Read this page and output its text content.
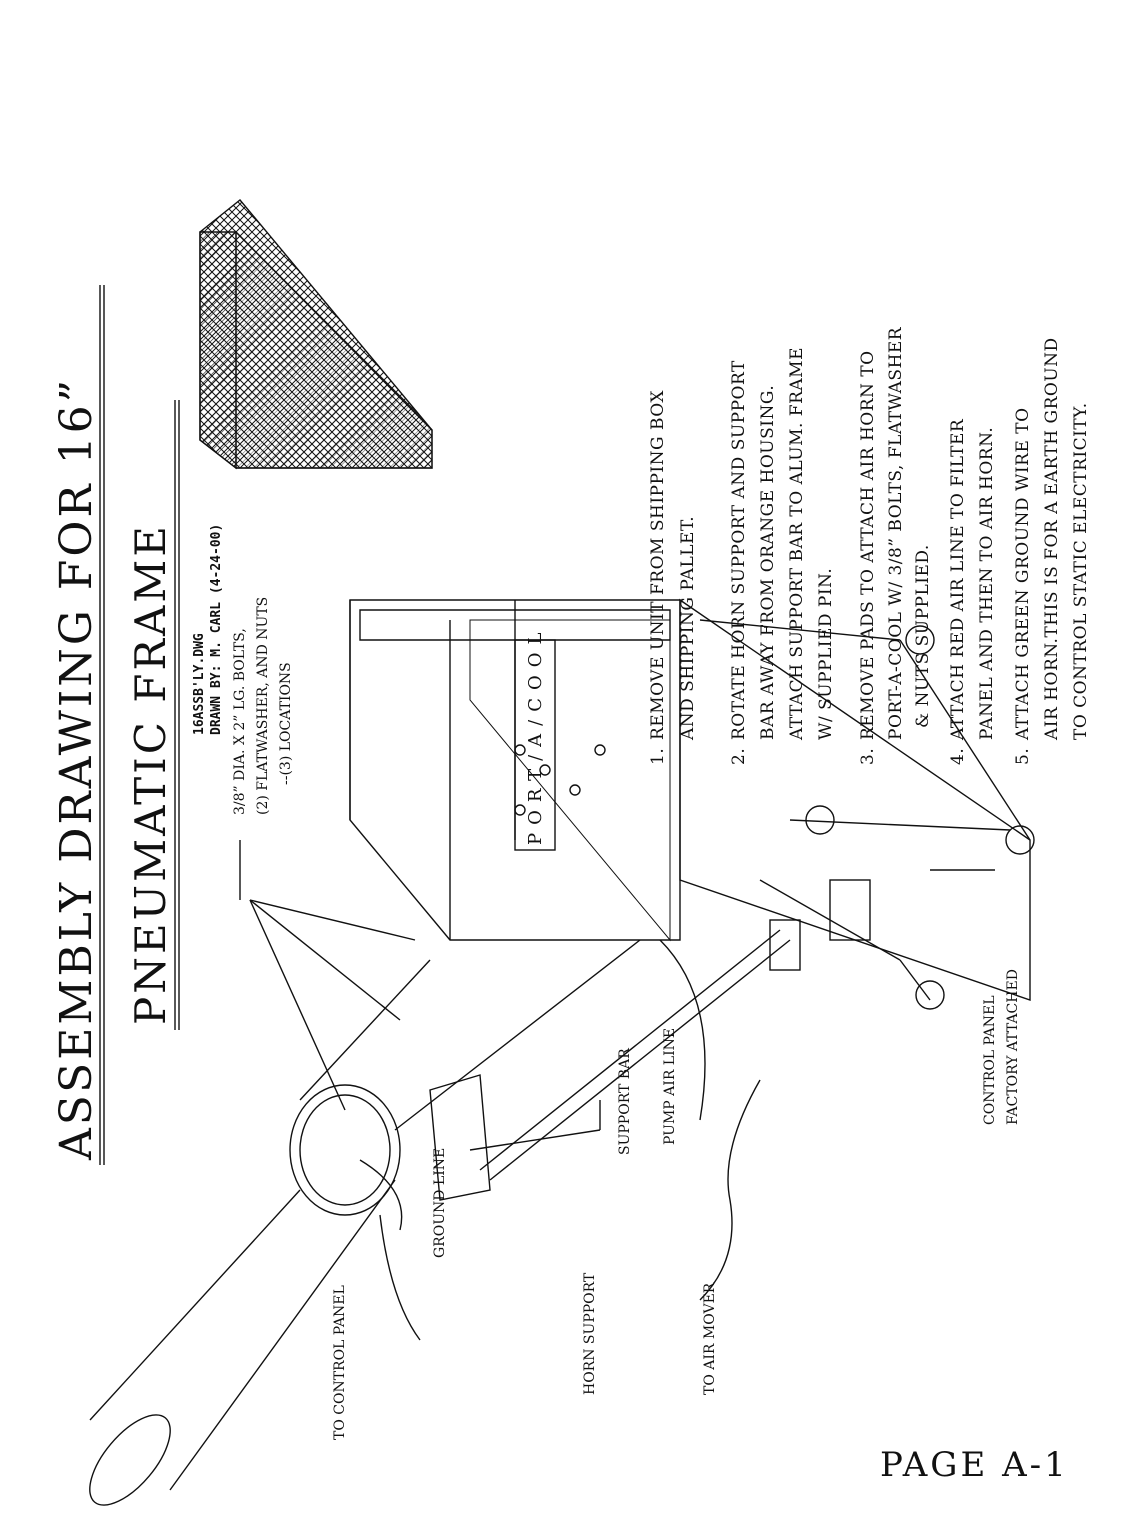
ASSEMBLY DRAWING FOR 16” PNEUMATIC FRAME 16ASSB'LY.DWG DRAWN BY: M. CARL (4-24-00) 3/8” DIA. X 2” LG. BOLTS, (2) FLATWASHER, AND NUTS --(3) LOCATIONS
TO CONTROL PANEL
GROUND LINE
HORN SUPPORT
SUPPORT BAR PUMP AIR LINE
TO AIR MOVER
CONTROL PANEL FACTORY ATTACHED
PORT/A/COOL	1.
REMOVE UNIT FROM SHIPPING BOX AND SHIPPING PALLET.
2.
ROTATE HORN SUPPORT AND SUPPORT BAR AWAY FROM ORANGE HOUSING. ATTACH SUPPORT BAR TO ALUM. FRAME W/ SUPPLIED PIN.
3.
REMOVE PADS TO ATTACH AIR HORN TO PORT-A-COOL W/ 3/8” BOLTS, FLATWASHER & NUTS SUPPLIED.
4.
ATTACH RED AIR LINE TO FILTER PANEL AND THEN TO AIR HORN.
5.
ATTACH GREEN GROUND WIRE TO AIR HORN.THIS IS FOR A EARTH GROUND TO CONTROL STATIC ELECTRICITY.
PAGE A-1
